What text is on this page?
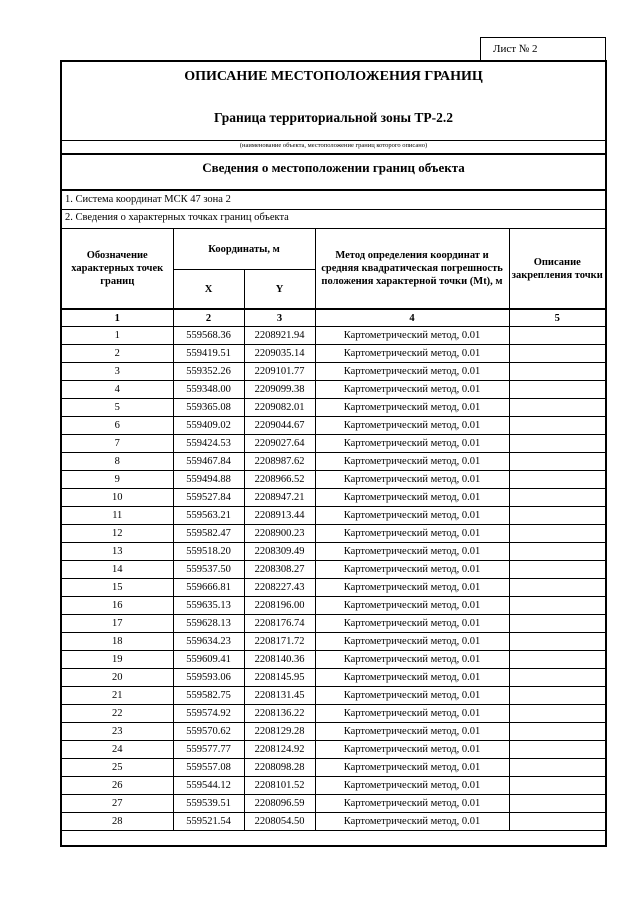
Лист № 2
ОПИСАНИЕ МЕСТОПОЛОЖЕНИЯ ГРАНИЦ
Граница территориальной зоны ТР-2.2
(наименование объекта, местоположение границ которого описано)
Сведения о местоположении границ объекта
1. Система координат МСК 47 зона 2
2. Сведения о характерных точках границ объекта
Обозначение характерных точек границ	Координаты, м		Метод определения координат и средняя квадратическая погрешность положения характерной точки (Mt), м	Описание закрепления точки
	X	Y		
1	2	3	4	5
1	559568.36	2208921.94	Картометрический метод, 0.01	
2	559419.51	2209035.14	Картометрический метод, 0.01	
3	559352.26	2209101.77	Картометрический метод, 0.01	
4	559348.00	2209099.38	Картометрический метод, 0.01	
5	559365.08	2209082.01	Картометрический метод, 0.01	
6	559409.02	2209044.67	Картометрический метод, 0.01	
7	559424.53	2209027.64	Картометрический метод, 0.01	
8	559467.84	2208987.62	Картометрический метод, 0.01	
9	559494.88	2208966.52	Картометрический метод, 0.01	
10	559527.84	2208947.21	Картометрический метод, 0.01	
11	559563.21	2208913.44	Картометрический метод, 0.01	
12	559582.47	2208900.23	Картометрический метод, 0.01	
13	559518.20	2208309.49	Картометрический метод, 0.01	
14	559537.50	2208308.27	Картометрический метод, 0.01	
15	559666.81	2208227.43	Картометрический метод, 0.01	
16	559635.13	2208196.00	Картометрический метод, 0.01	
17	559628.13	2208176.74	Картометрический метод, 0.01	
18	559634.23	2208171.72	Картометрический метод, 0.01	
19	559609.41	2208140.36	Картометрический метод, 0.01	
20	559593.06	2208145.95	Картометрический метод, 0.01	
21	559582.75	2208131.45	Картометрический метод, 0.01	
22	559574.92	2208136.22	Картометрический метод, 0.01	
23	559570.62	2208129.28	Картометрический метод, 0.01	
24	559577.77	2208124.92	Картометрический метод, 0.01	
25	559557.08	2208098.28	Картометрический метод, 0.01	
26	559544.12	2208101.52	Картометрический метод, 0.01	
27	559539.51	2208096.59	Картометрический метод, 0.01	
28	559521.54	2208054.50	Картометрический метод, 0.01	
